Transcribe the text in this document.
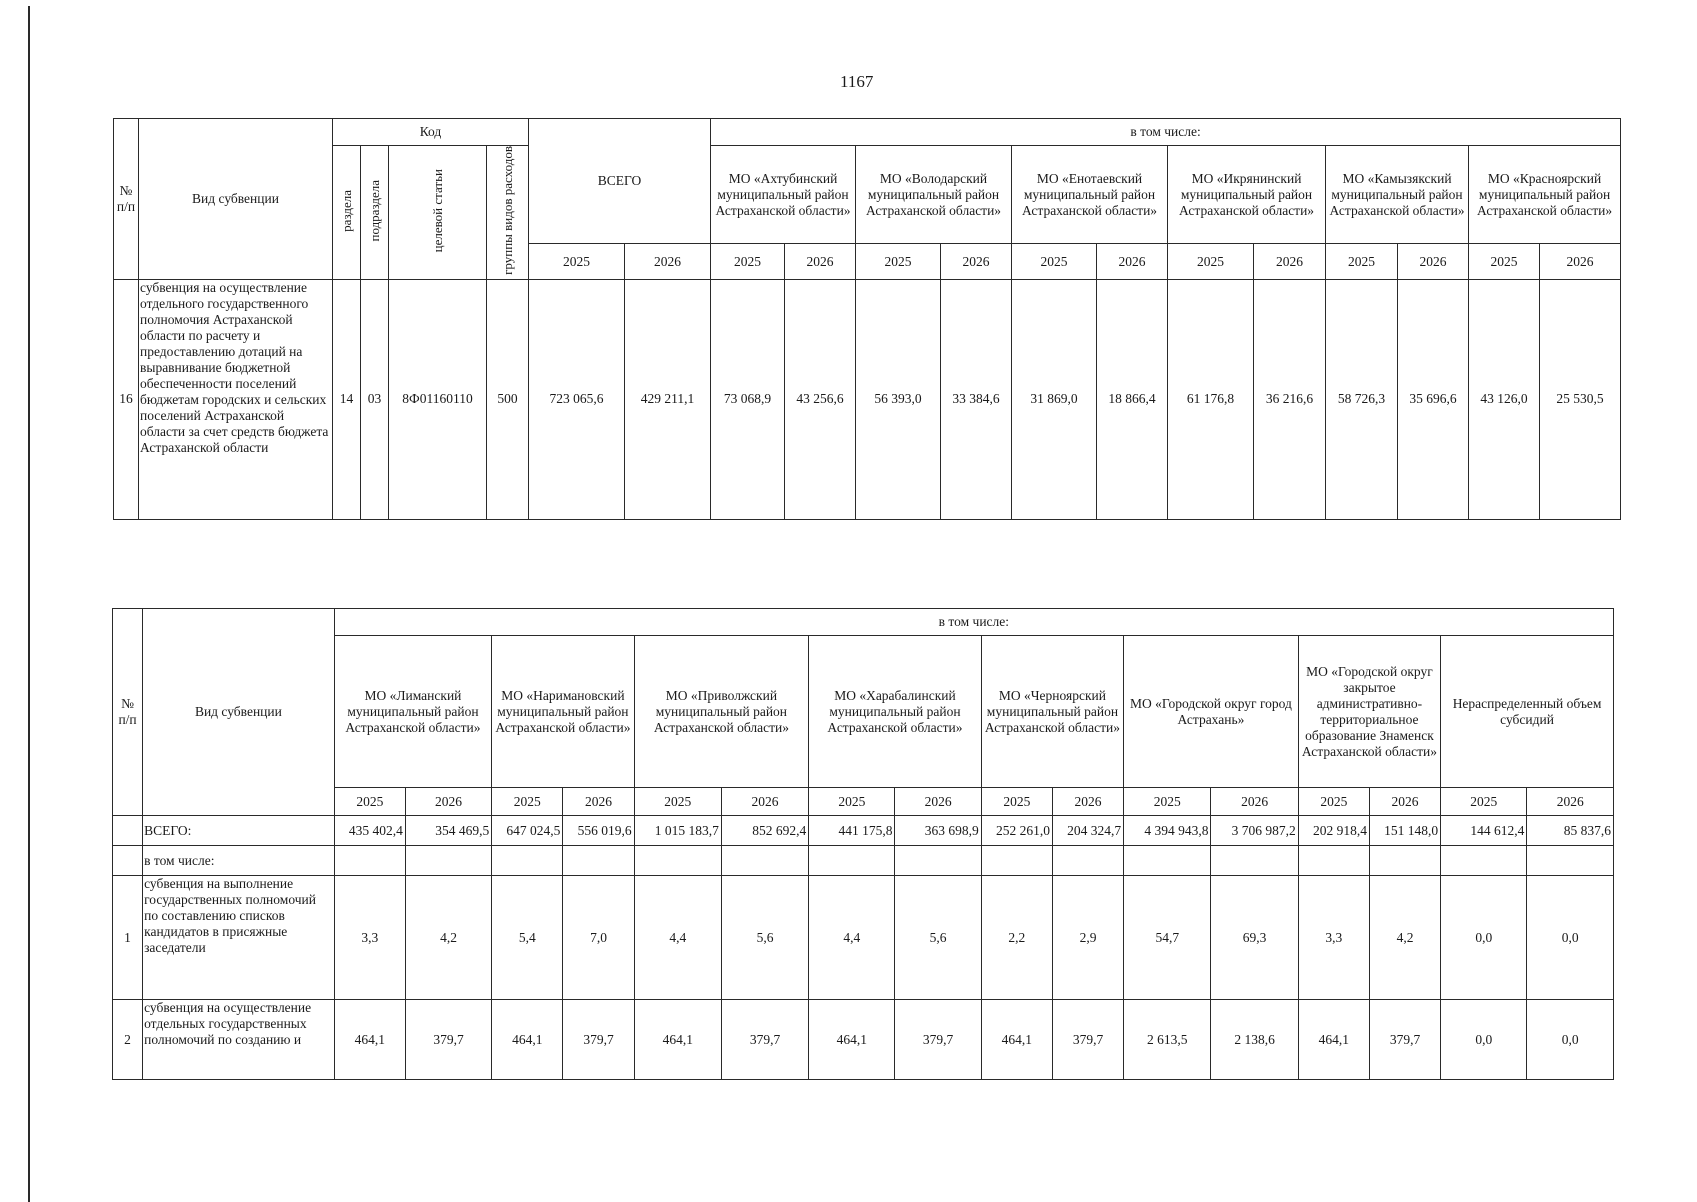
1167
№ п/п	Вид субвенции	Код				ВСЕГО		в том числе:											
		раздела	подраздела	целевой статьи	группы видов расходов			МО «Ахтубинский муниципальный район Астраханской области»		МО «Володарский муниципальный район Астраханской области»		МО «Енотаевский муниципальный район Астраханской области»		МО «Икрянинский муниципальный район Астраханской области»		МО «Камызякский муниципальный район Астраханской области»		МО «Красноярский муниципальный район Астраханской области»	
						2025	2026	2025	2026	2025	2026	2025	2026	2025	2026	2025	2026	2025	2026
16	субвенция на осуществление отдельного государственного полномочия Астраханской области по расчету и предоставлению дотаций на выравнивание бюджетной обеспеченности поселений бюджетам городских и сельских поселений Астраханской области за счет средств бюджета Астраханской области	14	03	8Ф01160110	500	723 065,6	429 211,1	73 068,9	43 256,6	56 393,0	33 384,6	31 869,0	18 866,4	61 176,8	36 216,6	58 726,3	35 696,6	43 126,0	25 530,5
№ п/п	Вид субвенции	в том числе:															
		МО «Лиманский муниципальный район Астраханской области»		МО «Наримановский муниципальный район Астраханской области»		МО «Приволжский муниципальный район Астраханской области»		МО «Харабалинский муниципальный район Астраханской области»		МО «Черноярский муниципальный район Астраханской области»		МО «Городской округ город Астрахань»		МО «Городской округ закрытое административно-территориальное образование Знаменск Астраханской области»		Нераспределенный объем субсидий	
		2025	2026	2025	2026	2025	2026	2025	2026	2025	2026	2025	2026	2025	2026	2025	2026
	ВСЕГО:	435 402,4	354 469,5	647 024,5	556 019,6	1 015 183,7	852 692,4	441 175,8	363 698,9	252 261,0	204 324,7	4 394 943,8	3 706 987,2	202 918,4	151 148,0	144 612,4	85 837,6
	в том числе:																
1	субвенция на выполнение государственных полномочий по составлению списков кандидатов в присяжные заседатели	3,3	4,2	5,4	7,0	4,4	5,6	4,4	5,6	2,2	2,9	54,7	69,3	3,3	4,2	0,0	0,0
2	субвенция на осуществление отдельных государственных полномочий по созданию и	464,1	379,7	464,1	379,7	464,1	379,7	464,1	379,7	464,1	379,7	2 613,5	2 138,6	464,1	379,7	0,0	0,0
